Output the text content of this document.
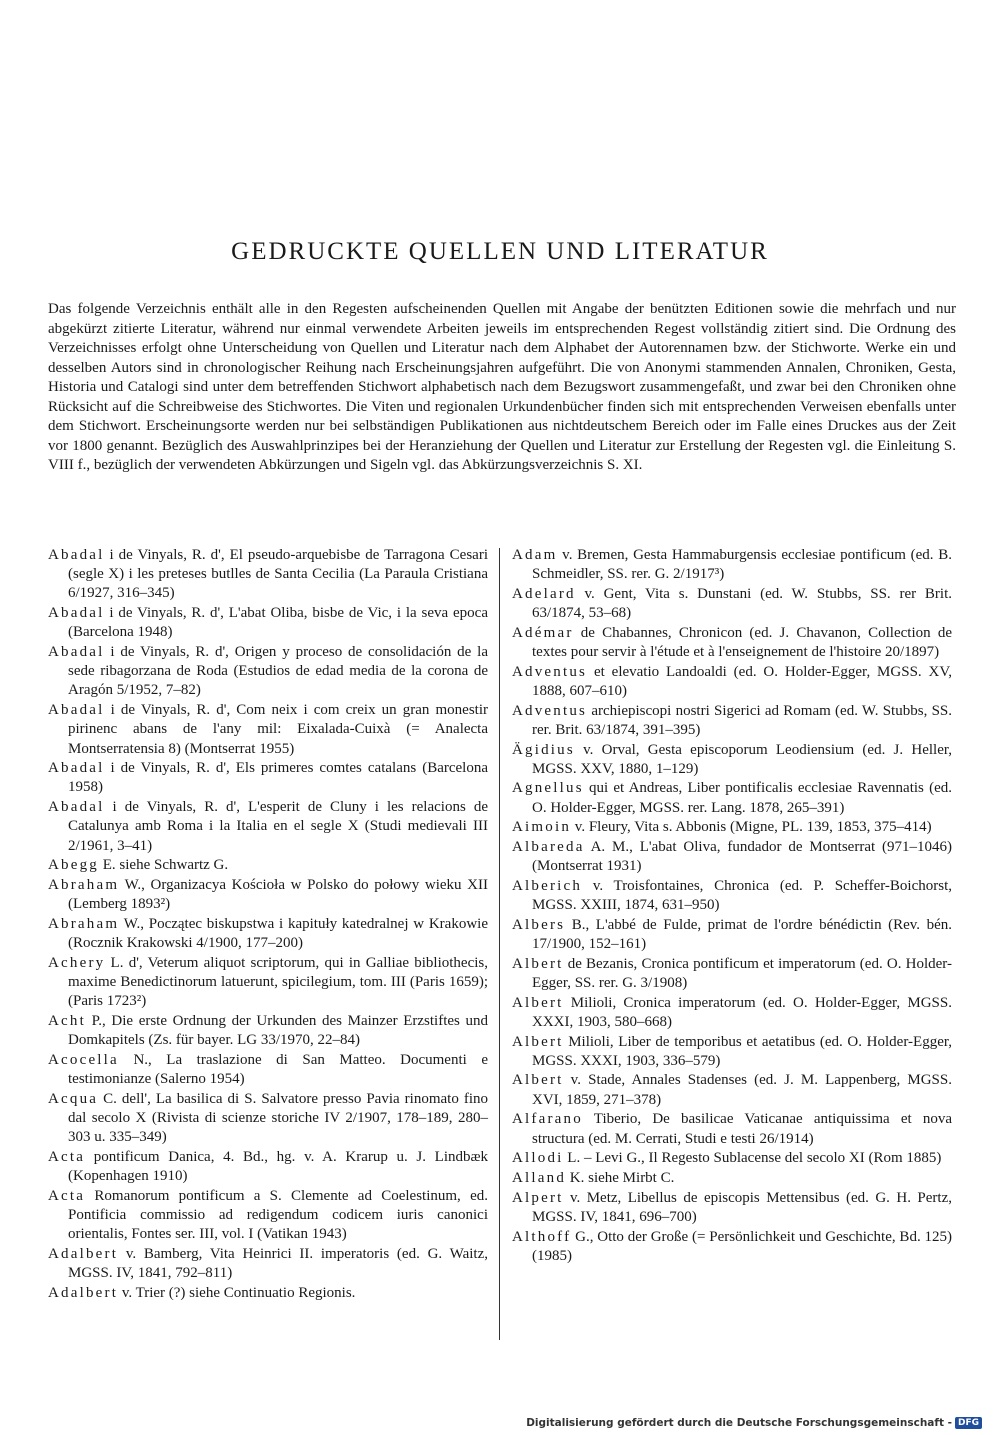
GEDRUCKTE QUELLEN UND LITERATUR

Das folgende Verzeichnis enthält alle in den Regesten aufscheinenden Quellen mit Angabe der benützten Editionen sowie die mehrfach und nur abgekürzt zitierte Literatur, während nur einmal verwendete Arbeiten jeweils im entsprechenden Regest vollständig zitiert sind. Die Ordnung des Verzeichnisses erfolgt ohne Unterscheidung von Quellen und Literatur nach dem Alphabet der Autorennamen bzw. der Stichworte. Werke ein und desselben Autors sind in chronologischer Reihung nach Erscheinungsjahren aufgeführt. Die von Anonymi stammenden Annalen, Chroniken, Gesta, Historia und Catalogi sind unter dem betreffenden Stichwort alphabetisch nach dem Bezugswort zusammengefaßt, und zwar bei den Chroniken ohne Rücksicht auf die Schreibweise des Stichwortes. Die Viten und regionalen Urkundenbücher finden sich mit entsprechenden Verweisen ebenfalls unter dem Stichwort. Erscheinungsorte werden nur bei selbständigen Publikationen aus nichtdeutschem Bereich oder im Falle eines Druckes aus der Zeit vor 1800 genannt. Bezüglich des Auswahlprinzipes bei der Heranziehung der Quellen und Literatur zur Erstellung der Regesten vgl. die Einleitung S. VIII f., bezüglich der verwendeten Abkürzungen und Sigeln vgl. das Abkürzungsverzeichnis S. XI.

Abadal i de Vinyals, R. d', El pseudo-arquebisbe de Tarragona Cesari (segle X) i les preteses butlles de Santa Cecilia (La Paraula Cristiana 6/1927, 316–345)

Abadal i de Vinyals, R. d', L'abat Oliba, bisbe de Vic, i la seva epoca (Barcelona 1948)

Abadal i de Vinyals, R. d', Origen y proceso de consolidación de la sede ribagorzana de Roda (Estudios de edad media de la corona de Aragón 5/1952, 7–82)

Abadal i de Vinyals, R. d', Com neix i com creix un gran monestir pirinenc abans de l'any mil: Eixalada-Cuixà (= Analecta Montserratensia 8) (Montserrat 1955)

Abadal i de Vinyals, R. d', Els primeres comtes catalans (Barcelona 1958)

Abadal i de Vinyals, R. d', L'esperit de Cluny i les relacions de Catalunya amb Roma i la Italia en el segle X (Studi medievali III 2/1961, 3–41)

Abegg E. siehe Schwartz G.

Abraham W., Organizacya Kościoła w Polsko do połowy wieku XII (Lemberg 1893²)

Abraham W., Początec biskupstwa i kapituły katedralnej w Krakowie (Rocznik Krakowski 4/1900, 177–200)

Achery L. d', Veterum aliquot scriptorum, qui in Galliae bibliothecis, maxime Benedictinorum latuerunt, spicilegium, tom. III (Paris 1659); (Paris 1723²)

Acht P., Die erste Ordnung der Urkunden des Mainzer Erzstiftes und Domkapitels (Zs. für bayer. LG 33/1970, 22–84)

Acocella N., La traslazione di San Matteo. Documenti e testimonianze (Salerno 1954)

Acqua C. dell', La basilica di S. Salvatore presso Pavia rinomato fino dal secolo X (Rivista di scienze storiche IV 2/1907, 178–189, 280–303 u. 335–349)

Acta pontificum Danica, 4. Bd., hg. v. A. Krarup u. J. Lindbæk (Kopenhagen 1910)

Acta Romanorum pontificum a S. Clemente ad Coelestinum, ed. Pontificia commissio ad redigendum codicem iuris canonici orientalis, Fontes ser. III, vol. I (Vatikan 1943)

Adalbert v. Bamberg, Vita Heinrici II. imperatoris (ed. G. Waitz, MGSS. IV, 1841, 792–811)

Adalbert v. Trier (?) siehe Continuatio Regionis.

Adam v. Bremen, Gesta Hammaburgensis ecclesiae pontificum (ed. B. Schmeidler, SS. rer. G. 2/1917³)

Adelard v. Gent, Vita s. Dunstani (ed. W. Stubbs, SS. rer Brit. 63/1874, 53–68)

Adémar de Chabannes, Chronicon (ed. J. Chavanon, Collection de textes pour servir à l'étude et à l'enseignement de l'histoire 20/1897)

Adventus et elevatio Landoaldi (ed. O. Holder-Egger, MGSS. XV, 1888, 607–610)

Adventus archiepiscopi nostri Sigerici ad Romam (ed. W. Stubbs, SS. rer. Brit. 63/1874, 391–395)

Ägidius v. Orval, Gesta episcoporum Leodiensium (ed. J. Heller, MGSS. XXV, 1880, 1–129)

Agnellus qui et Andreas, Liber pontificalis ecclesiae Ravennatis (ed. O. Holder-Egger, MGSS. rer. Lang. 1878, 265–391)

Aimoin v. Fleury, Vita s. Abbonis (Migne, PL. 139, 1853, 375–414)

Albareda A. M., L'abat Oliva, fundador de Montserrat (971–1046) (Montserrat 1931)

Alberich v. Troisfontaines, Chronica (ed. P. Scheffer-Boichorst, MGSS. XXIII, 1874, 631–950)

Albers B., L'abbé de Fulde, primat de l'ordre bénédictin (Rev. bén. 17/1900, 152–161)

Albert de Bezanis, Cronica pontificum et imperatorum (ed. O. Holder-Egger, SS. rer. G. 3/1908)

Albert Milioli, Cronica imperatorum (ed. O. Holder-Egger, MGSS. XXXI, 1903, 580–668)

Albert Milioli, Liber de temporibus et aetatibus (ed. O. Holder-Egger, MGSS. XXXI, 1903, 336–579)

Albert v. Stade, Annales Stadenses (ed. J. M. Lappenberg, MGSS. XVI, 1859, 271–378)

Alfarano Tiberio, De basilicae Vaticanae antiquissima et nova structura (ed. M. Cerrati, Studi e testi 26/1914)

Allodi L. – Levi G., Il Regesto Sublacense del secolo XI (Rom 1885)

Alland K. siehe Mirbt C.

Alpert v. Metz, Libellus de episcopis Mettensibus (ed. G. H. Pertz, MGSS. IV, 1841, 696–700)

Althoff G., Otto der Große (= Persönlichkeit und Geschichte, Bd. 125) (1985)

Digitalisierung gefördert durch die Deutsche Forschungsgemeinschaft - DFG
